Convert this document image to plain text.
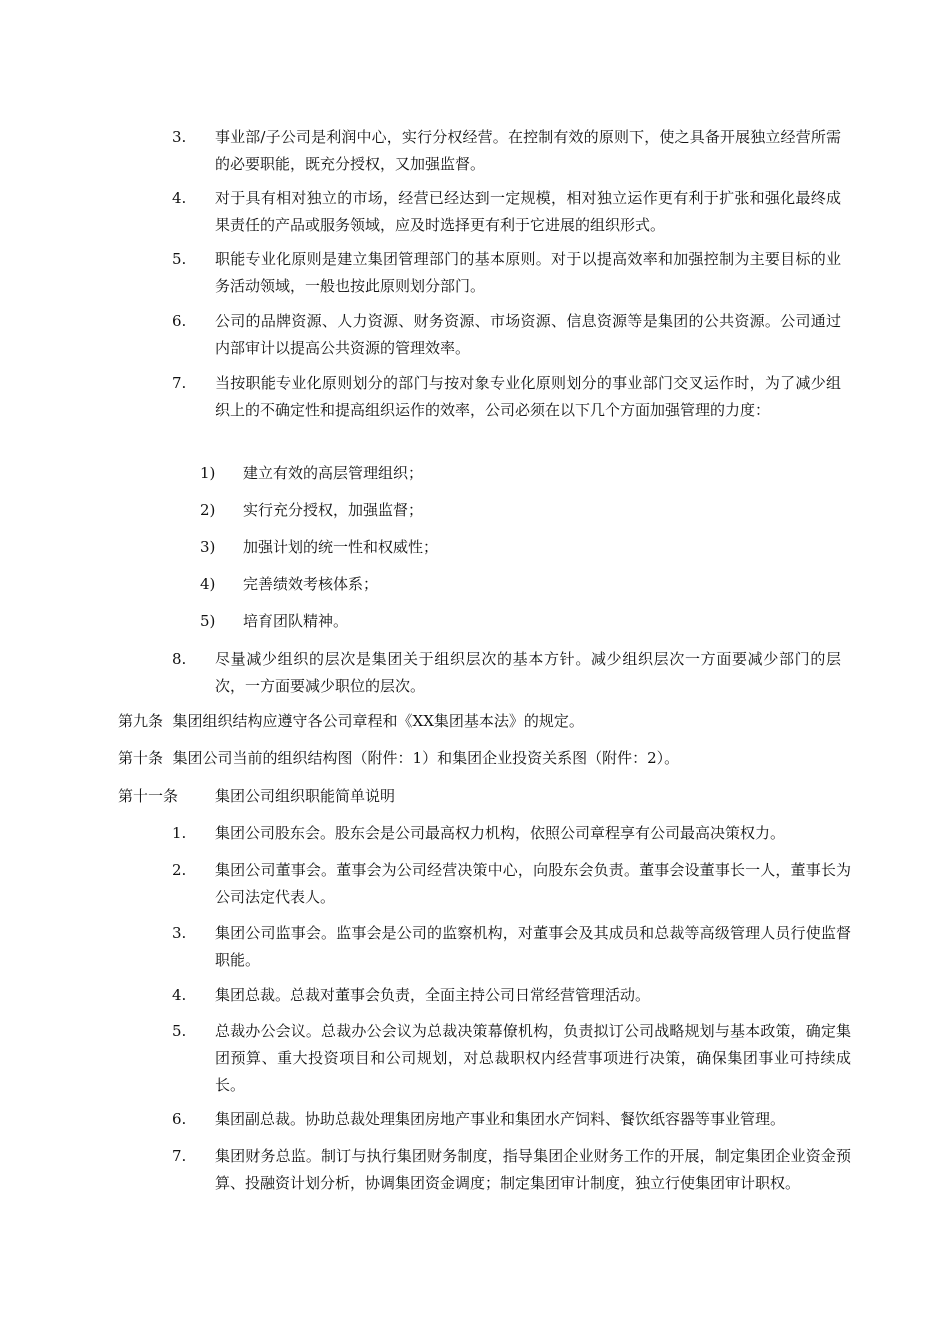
3. 事业部/子公司是利润中心，实行分权经营。在控制有效的原则下，使之具备开展独立经营所需的必要职能，既充分授权，又加强监督。
4. 对于具有相对独立的市场，经营已经达到一定规模，相对独立运作更有利于扩张和强化最终成果责任的产品或服务领域，应及时选择更有利于它进展的组织形式。
5. 职能专业化原则是建立集团管理部门的基本原则。对于以提高效率和加强控制为主要目标的业务活动领域，一般也按此原则划分部门。
6. 公司的品牌资源、人力资源、财务资源、市场资源、信息资源等是集团的公共资源。公司通过内部审计以提高公共资源的管理效率。
7. 当按职能专业化原则划分的部门与按对象专业化原则划分的事业部门交叉运作时，为了减少组织上的不确定性和提高组织运作的效率，公司必须在以下几个方面加强管理的力度：
1) 建立有效的高层管理组织；
2) 实行充分授权，加强监督；
3) 加强计划的统一性和权威性；
4) 完善绩效考核体系；
5) 培育团队精神。
8. 尽量减少组织的层次是集团关于组织层次的基本方针。减少组织层次一方面要减少部门的层次，一方面要减少职位的层次。
第九条  集团组织结构应遵守各公司章程和《XX集团基本法》的规定。
第十条  集团公司当前的组织结构图（附件：1）和集团企业投资关系图（附件：2）。
第十一条 集团公司组织职能简单说明
1. 集团公司股东会。股东会是公司最高权力机构，依照公司章程享有公司最高决策权力。
2. 集团公司董事会。董事会为公司经营决策中心，向股东会负责。董事会设董事长一人，董事长为公司法定代表人。
3. 集团公司监事会。监事会是公司的监察机构，对董事会及其成员和总裁等高级管理人员行使监督职能。
4. 集团总裁。总裁对董事会负责，全面主持公司日常经营管理活动。
5. 总裁办公会议。总裁办公会议为总裁决策幕僚机构，负责拟订公司战略规划与基本政策，确定集团预算、重大投资项目和公司规划，对总裁职权内经营事项进行决策，确保集团事业可持续成长。
6. 集团副总裁。协助总裁处理集团房地产事业和集团水产饲料、餐饮纸容器等事业管理。
7. 集团财务总监。制订与执行集团财务制度，指导集团企业财务工作的开展，制定集团企业资金预算、投融资计划分析，协调集团资金调度；制定集团审计制度，独立行使集团审计职权。
